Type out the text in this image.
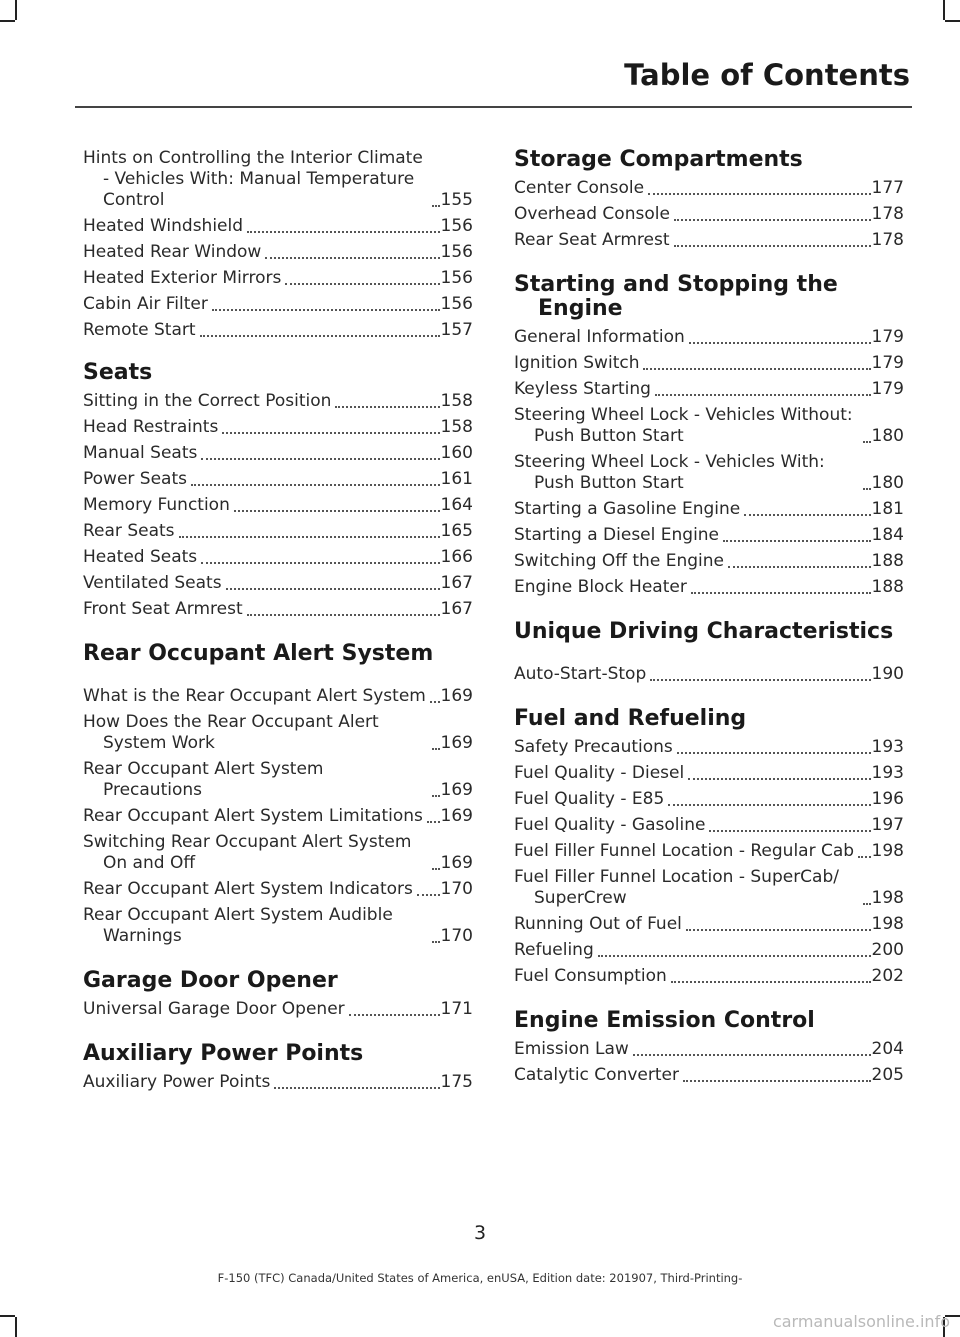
Table of Contents
Hints on Controlling the Interior Climate - Vehicles With: Manual Temperature Control	155
Heated Windshield	156
Heated Rear Window	156
Heated Exterior Mirrors	156
Cabin Air Filter	156
Remote Start	157
Seats
Sitting in the Correct Position	158
Head Restraints	158
Manual Seats	160
Power Seats	161
Memory Function	164
Rear Seats	165
Heated Seats	166
Ventilated Seats	167
Front Seat Armrest	167
Rear Occupant Alert System
What is the Rear Occupant Alert System 169
How Does the Rear Occupant Alert System Work	169
Rear Occupant Alert System Precautions	169
Rear Occupant Alert System Limitations 169
Switching Rear Occupant Alert System On and Off	169
Rear Occupant Alert System Indicators 170
Rear Occupant Alert System Audible Warnings	170
Garage Door Opener
Universal Garage Door Opener	171
Auxiliary Power Points
Auxiliary Power Points	175
Storage Compartments
Center Console	177
Overhead Console	178
Rear Seat Armrest	178
Starting and Stopping the Engine
General Information	179
Ignition Switch	179
Keyless Starting	179
Steering Wheel Lock - Vehicles Without: Push Button Start	180
Steering Wheel Lock - Vehicles With: Push Button Start	180
Starting a Gasoline Engine	181
Starting a Diesel Engine	184
Switching Off the Engine	188
Engine Block Heater	188
Unique Driving Characteristics
Auto-Start-Stop	190
Fuel and Refueling
Safety Precautions	193
Fuel Quality - Diesel	193
Fuel Quality - E85	196
Fuel Quality - Gasoline	197
Fuel Filler Funnel Location - Regular Cab 198
Fuel Filler Funnel Location - SuperCab/ SuperCrew	198
Running Out of Fuel	198
Refueling	200
Fuel Consumption	202
Engine Emission Control
Emission Law	204
Catalytic Converter	205
3
F-150 (TFC) Canada/United States of America, enUSA, Edition date: 201907, Third-Printing-
carmanualsonline.info
